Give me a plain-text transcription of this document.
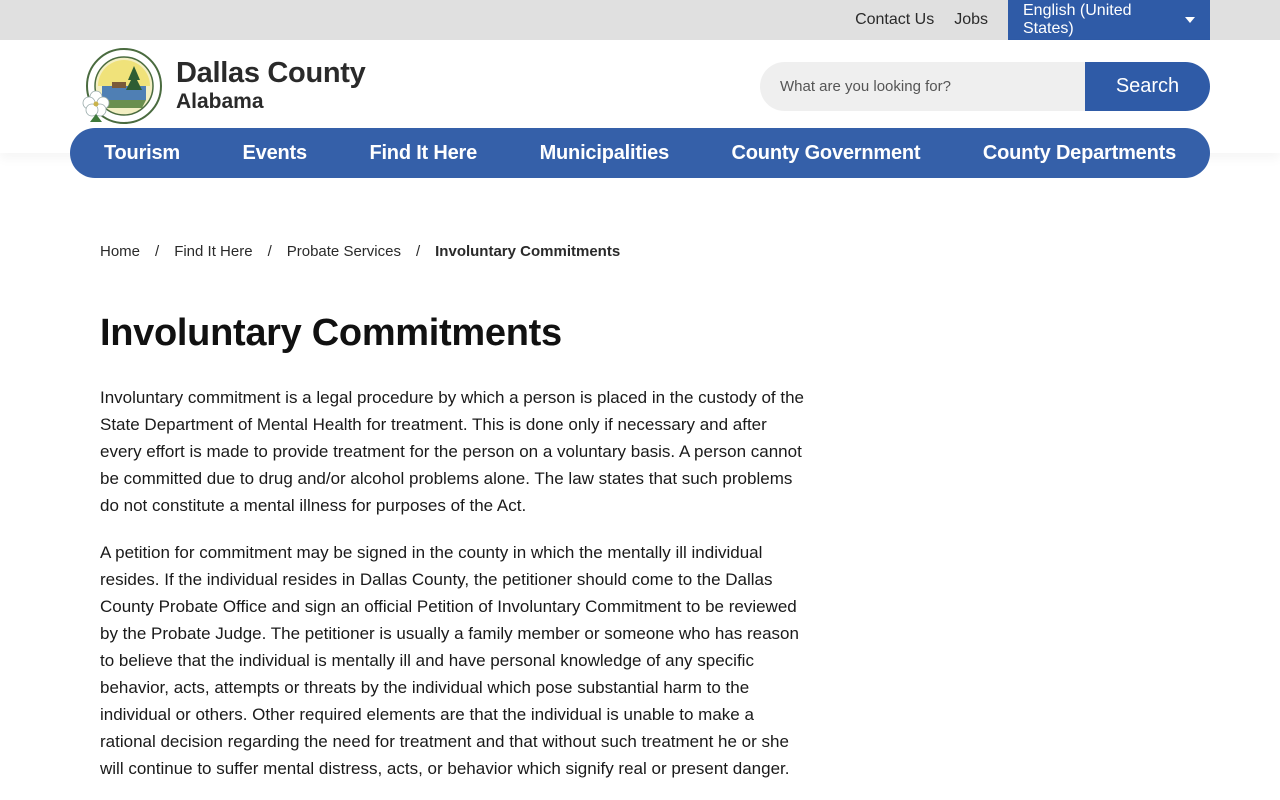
Contact Us Jobs
English (United States)
Dallas County
Alabama
What are you looking for?
Search
Tourism	Events	Find It Here	Municipalities	County Government	County Departments
Home / Find It Here / Probate Services / Involuntary Commitments
Involuntary Commitments

Involuntary commitment is a legal procedure by which a person is placed in the custody of the State Department of Mental Health for treatment. This is done only if necessary and after every effort is made to provide treatment for the person on a voluntary basis. A person cannot be committed due to drug and/or alcohol problems alone. The law states that such problems do not constitute a mental illness for purposes of the Act.

A petition for commitment may be signed in the county in which the mentally ill individual resides. If the individual resides in Dallas County, the petitioner should come to the Dallas County Probate Office and sign an official Petition of Involuntary Commitment to be reviewed by the Probate Judge. The petitioner is usually a family member or someone who has reason to believe that the individual is mentally ill and have personal knowledge of any specific behavior, acts, attempts or threats by the individual which pose substantial harm to the individual or others. Other required elements are that the individual is unable to make a rational decision regarding the need for treatment and that without such treatment he or she will continue to suffer mental distress, acts, or behavior which signify real or present danger.
